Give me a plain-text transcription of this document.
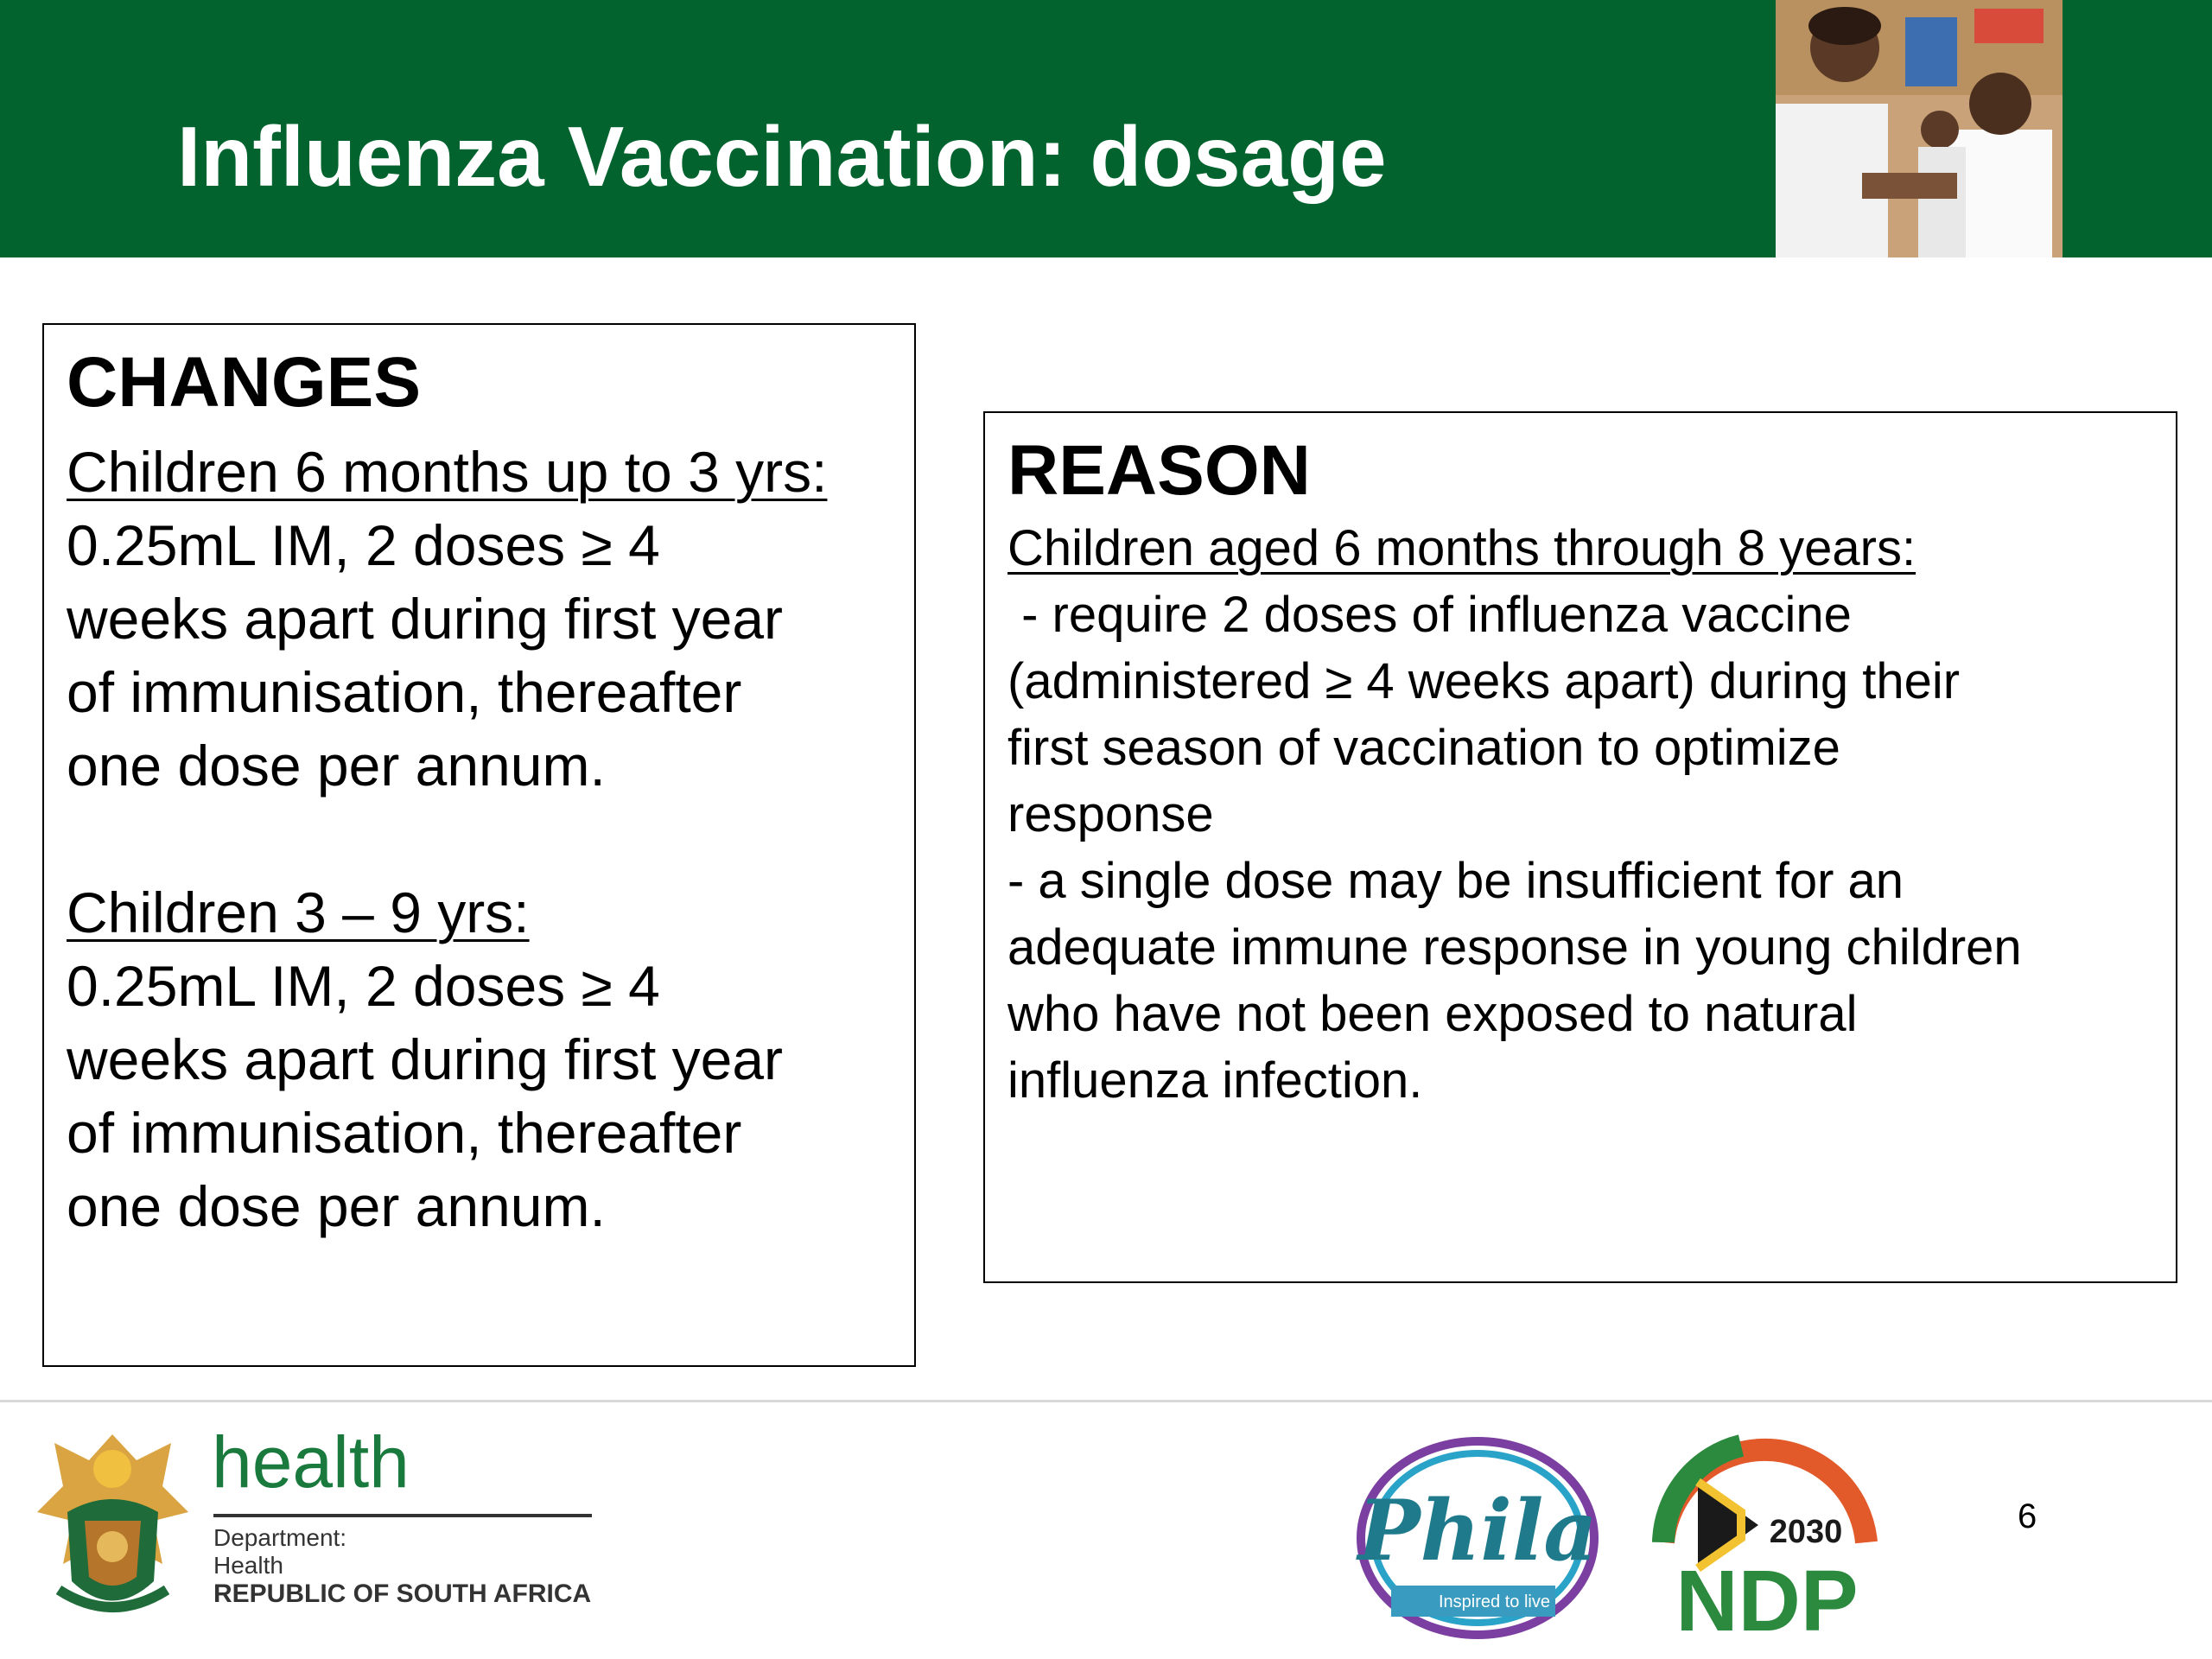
Influenza Vaccination: dosage
CHANGES

Children 6 months up to 3 yrs:

0.25mL IM, 2 doses ≥ 4

weeks apart during first year

of immunisation, thereafter

one dose per annum.

Children 3 – 9 yrs:

0.25mL IM, 2 doses ≥ 4

weeks apart during first year

of immunisation, thereafter

one dose per annum.

REASON

Children aged 6 months through 8 years:

- require 2 doses of influenza vaccine

(administered ≥ 4 weeks apart) during their

first season of vaccination to optimize

response

- a single dose may be insufficient for an

adequate immune response in young children

who have not been exposed to natural

influenza infection.

health
Department:
Health
REPUBLIC OF SOUTH AFRICA
Phila
Inspired to live
2030
NDP
6
